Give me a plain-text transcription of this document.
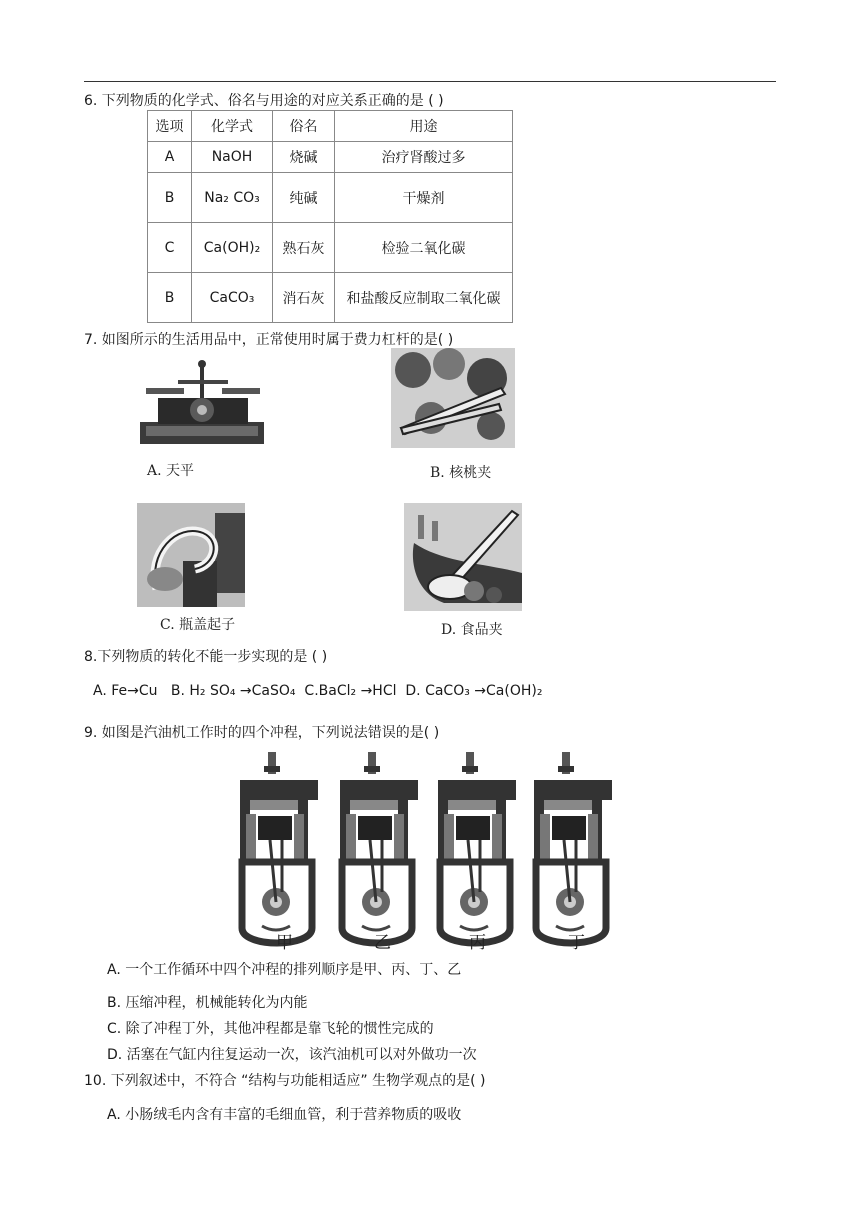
6. 下列物质的化学式、俗名与用途的对应关系正确的是 ( )
选项	化学式	俗名	用途
A	NaOH	烧碱	治疗肾酸过多
B	Na₂ CO₃	纯碱	干燥剂
C	Ca(OH)₂	熟石灰	检验二氧化碳
B	CaCO₃	消石灰	和盐酸反应制取二氧化碳
7. 如图所示的生活用品中，正常使用时属于费力杠杆的是( )
A. 天平	B. 核桃夹
C. 瓶盖起子	D. 食品夹
8.下列物质的转化不能一步实现的是 ( )
A. Fe→Cu   B. H₂ SO₄ →CaSO₄  C.BaCl₂ →HCl  D. CaCO₃ →Ca(OH)₂
9. 如图是汽油机工作时的四个冲程，下列说法错误的是( )
甲	乙	丙	丁
A. 一个工作循环中四个冲程的排列顺序是甲、丙、丁、乙
B. 压缩冲程，机械能转化为内能
C. 除了冲程丁外，其他冲程都是靠飞轮的惯性完成的
D. 活塞在气缸内往复运动一次，该汽油机可以对外做功一次
10. 下列叙述中，不符合 “结构与功能相适应” 生物学观点的是( )
A. 小肠绒毛内含有丰富的毛细血管，利于营养物质的吸收
